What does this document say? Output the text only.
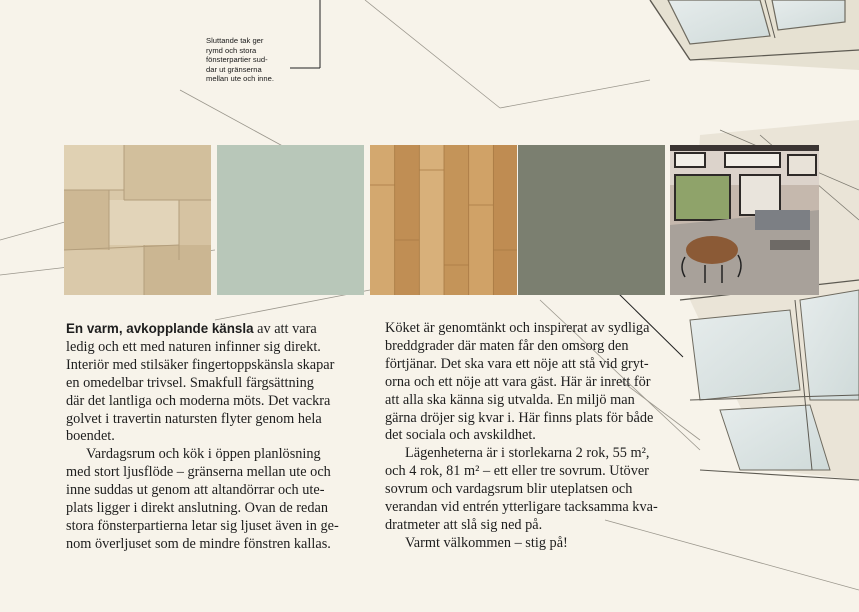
Sluttande tak ger
rymd och stora
fönsterpartier sud-
dar ut gränserna
mellan ute och inne.

En varm, avkopplande känsla av att vara
ledig och ett med naturen infinner sig direkt.
Interiör med stilsäker fingertoppskänsla skapar
en omedelbar trivsel. Smakfull färgsättning
där det lantliga och moderna möts. Det vackra
golvet i travertin natursten flyter genom hela
boendet.

Vardagsrum och kök i öppen planlösning
med stort ljusflöde – gränserna mellan ute och
inne suddas ut genom att altandörrar och ute-
plats ligger i direkt anslutning. Ovan de redan
stora fönsterpartierna letar sig ljuset även in ge-
nom överljuset som de mindre fönstren kallas.

Köket är genomtänkt och inspirerat av sydliga
breddgrader där maten får den omsorg den
förtjänar. Det ska vara ett nöje att stå vid gryt-
orna och ett nöje att vara gäst. Här är inrett för
att alla ska känna sig utvalda. En miljö man
gärna dröjer sig kvar i. Här finns plats för både
det sociala och avskildhet.

Lägenheterna är i storlekarna 2 rok, 55 m²,
och 4 rok, 81 m² – ett eller tre sovrum. Utöver
sovrum och vardagsrum blir uteplatsen och
verandan vid entrén ytterligare tacksamma kva-
dratmeter att slå sig ned på.

Varmt välkommen – stig på!
